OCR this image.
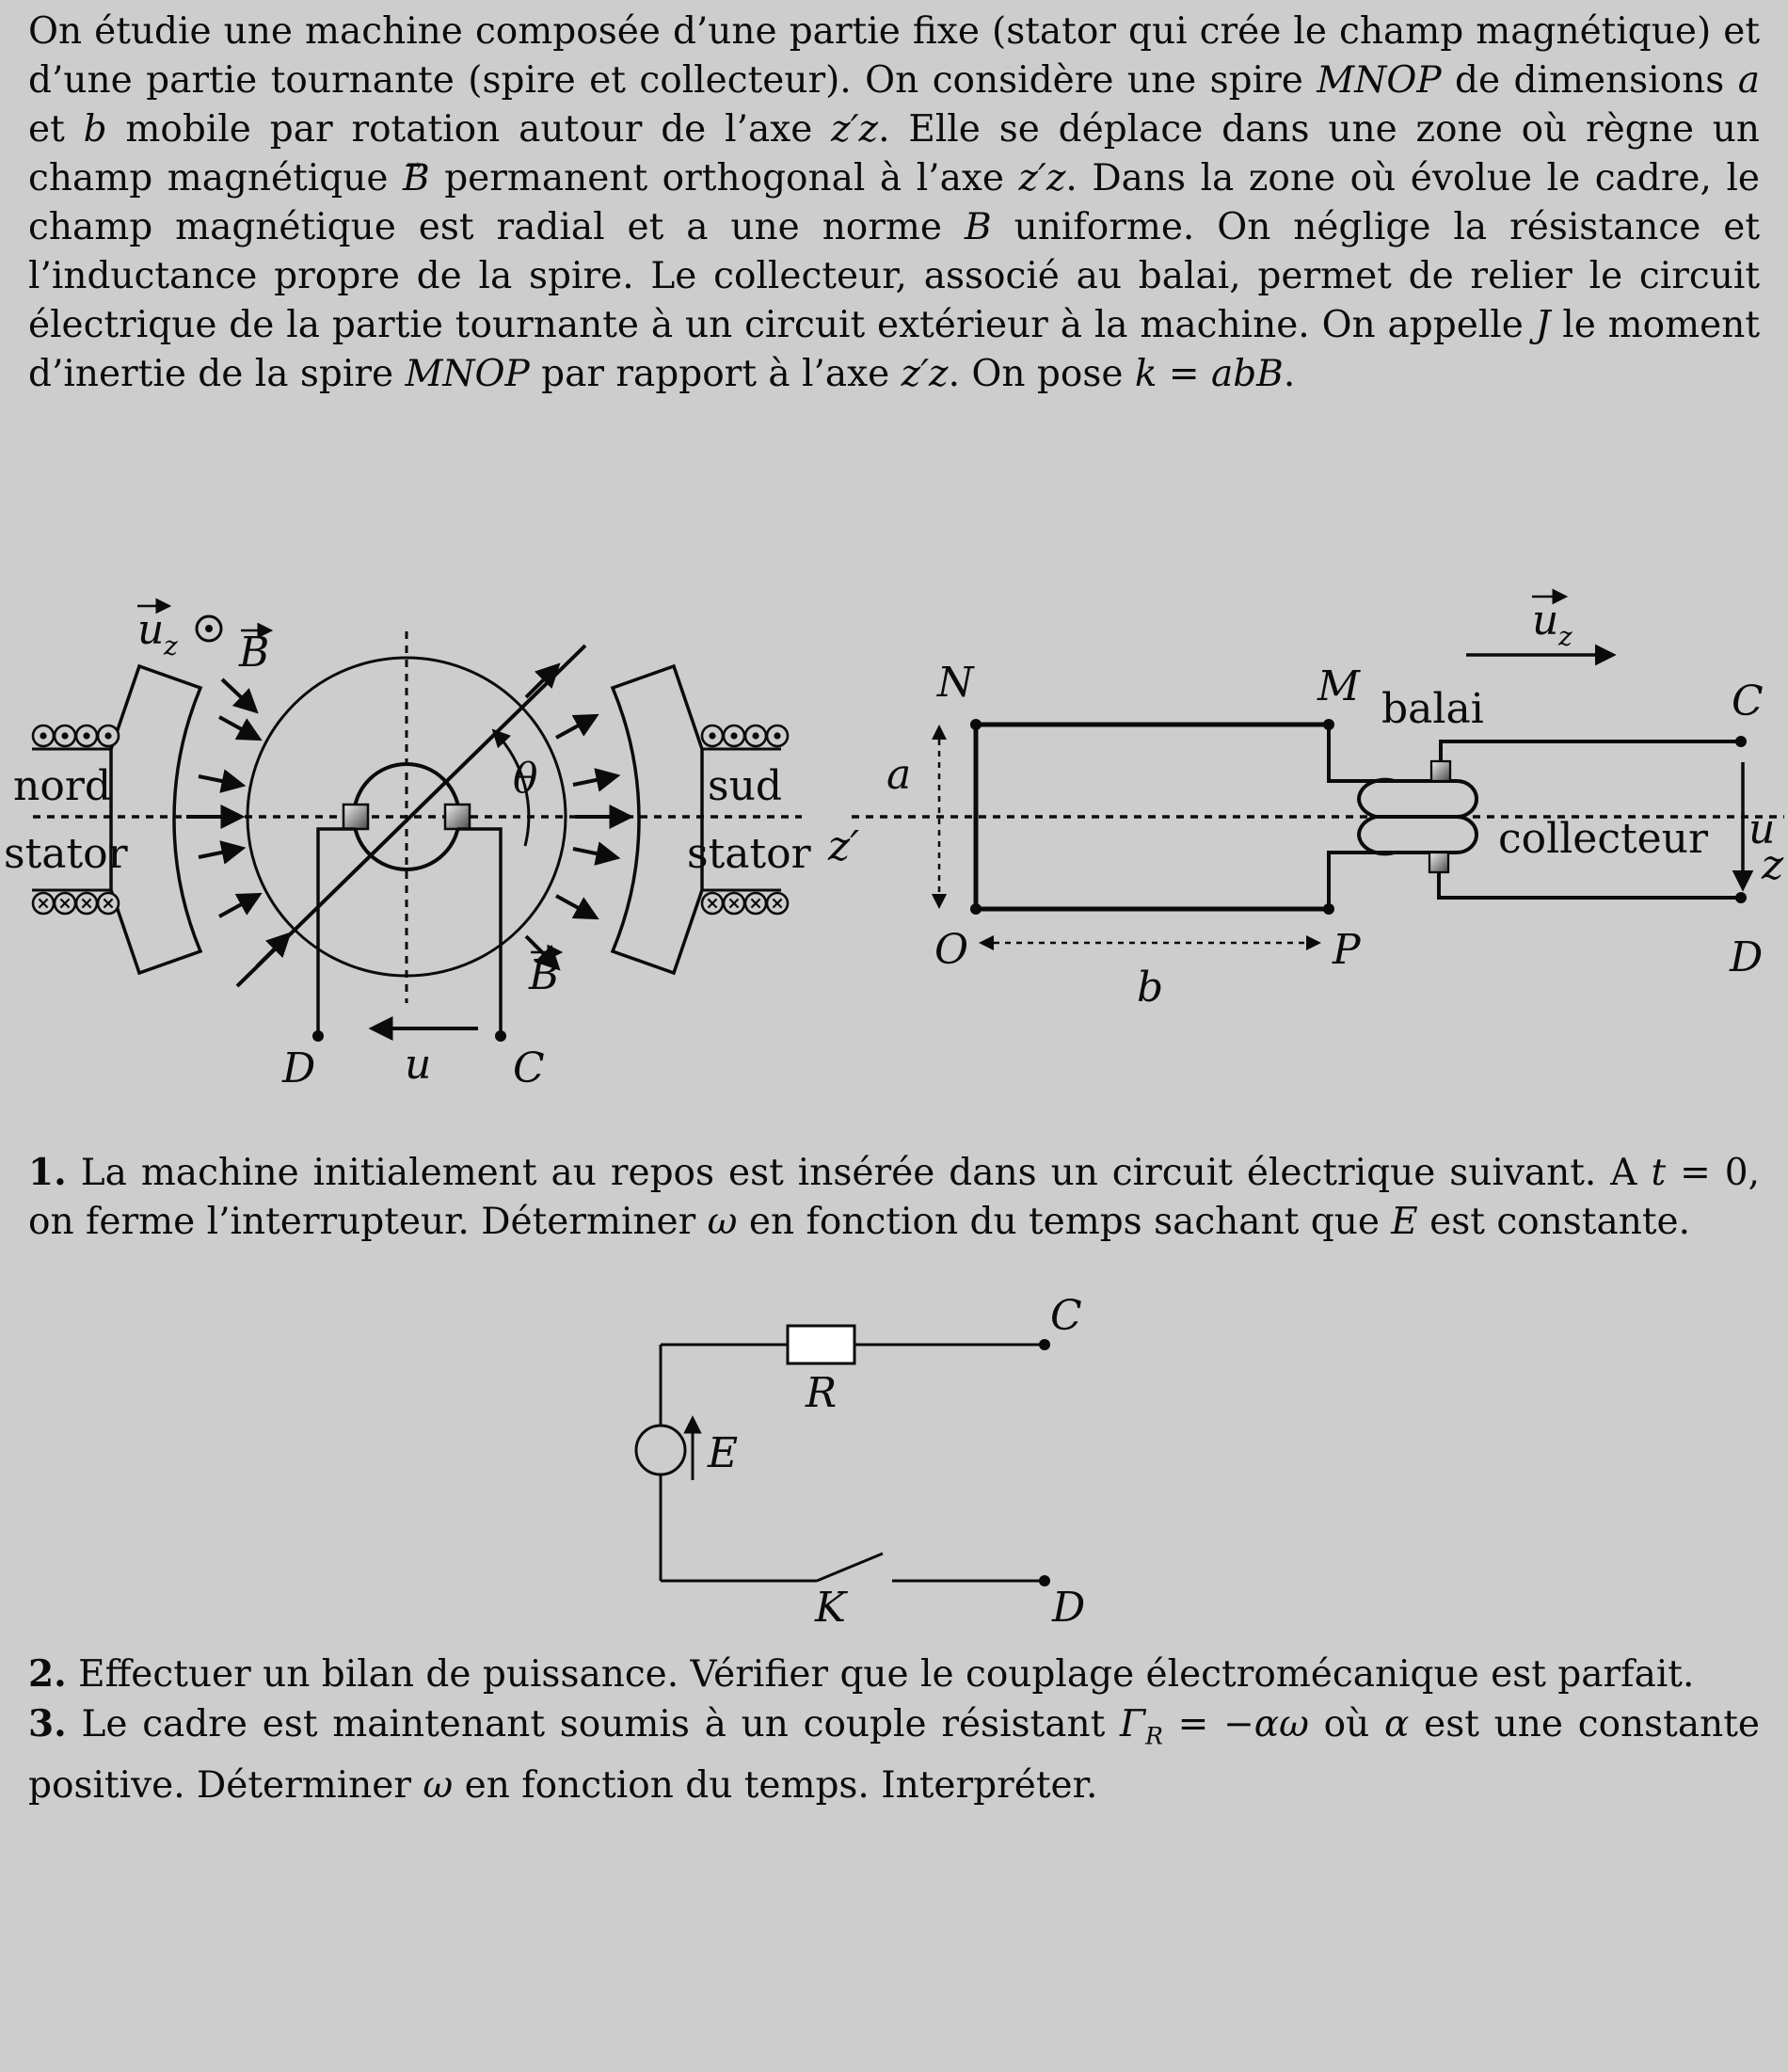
On étudie une machine composée d’une partie fixe (stator qui crée le champ magnétique) et d’une partie tournante (spire et collecteur). On considère une spire MNOP de dimensions a et b mobile par rotation autour de l’axe z′z. Elle se déplace dans une zone où règne un champ magnétique → B permanent orthogonal à l’axe z′z. Dans la zone où évolue le cadre, le champ magnétique est radial et a une norme B uniforme. On néglige la résistance et l’inductance propre de la spire. Le collecteur, associé au balai, permet de relier le circuit électrique de la partie tournante à un circuit extérieur à la machine. On appelle J le moment d’inertie de la spire MNOP par rapport à l’axe z′z. On pose k = abB.

B
B
θ
D u C
u z
nord
stator
sud
stator z′	z
N	M
O	P
a
b
C
D
u
balai
collecteur
u z

1. La machine initialement au repos est insérée dans un circuit électrique suivant. A t = 0, on ferme l’interrupteur. Déterminer ω en fonction du temps sachant que E est constante.

E
R
C
K	D

2. Effectuer un bilan de puissance. Vérifier que le couplage électromécanique est parfait.

3. Le cadre est maintenant soumis à un couple résistant $\Gamma_R = -\alpha\omega$ où α est une constante positive. Déterminer ω en fonction du temps. Interpréter.
